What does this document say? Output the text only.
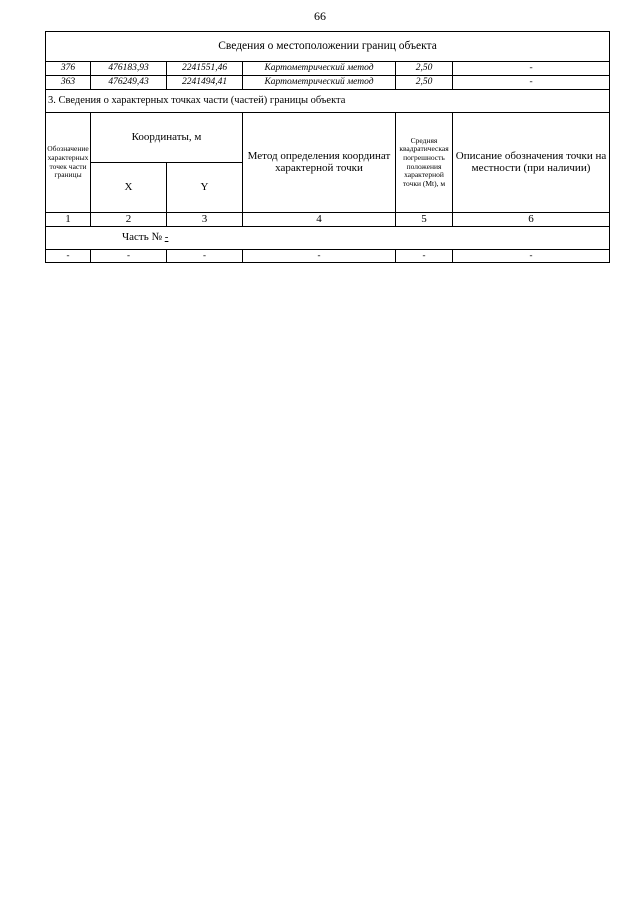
66
Сведения о местоположении границ объекта					
376	476183,93	2241551,46	Картометрический метод	2,50	-
363	476249,43	2241494,41	Картометрический метод	2,50	-
3. Сведения о характерных точках части (частей) границы объекта					
Обозначение характерных точек части границы	Координаты, м		Метод определения координат характерной точки	Средняя квадратическая погрешность положения характерной точки (Mt), м	Описание обозначения точки на местности (при наличии)
	X	Y			
1	2	3	4	5	6
Часть № -					
-	-	-	-	-	-
